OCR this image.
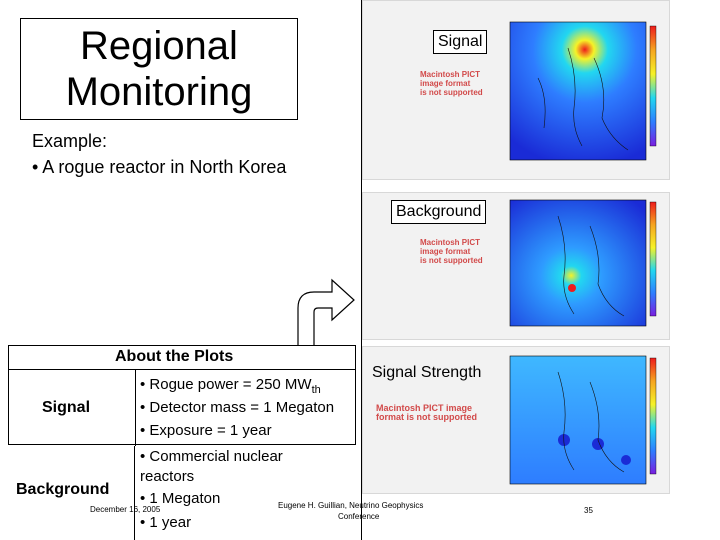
Regional
Monitoring
Example:
• A rogue reactor in North Korea
Macintosh PICT
image format
is not supported
Signal
Macintosh PICT
image format
is not supported
Background
Macintosh PICT image format is not supported
Signal Strength
About the Plots
Signal
• Rogue power = 250 $MW_{th}$
• Detector mass = 1 Megaton
• Exposure = 1 year
Background
• Commercial nuclear
reactors
• 1 Megaton
• 1 year
December 16, 2005	Eugene H. Guillian, Neutrino Geophysics
Conference
35
